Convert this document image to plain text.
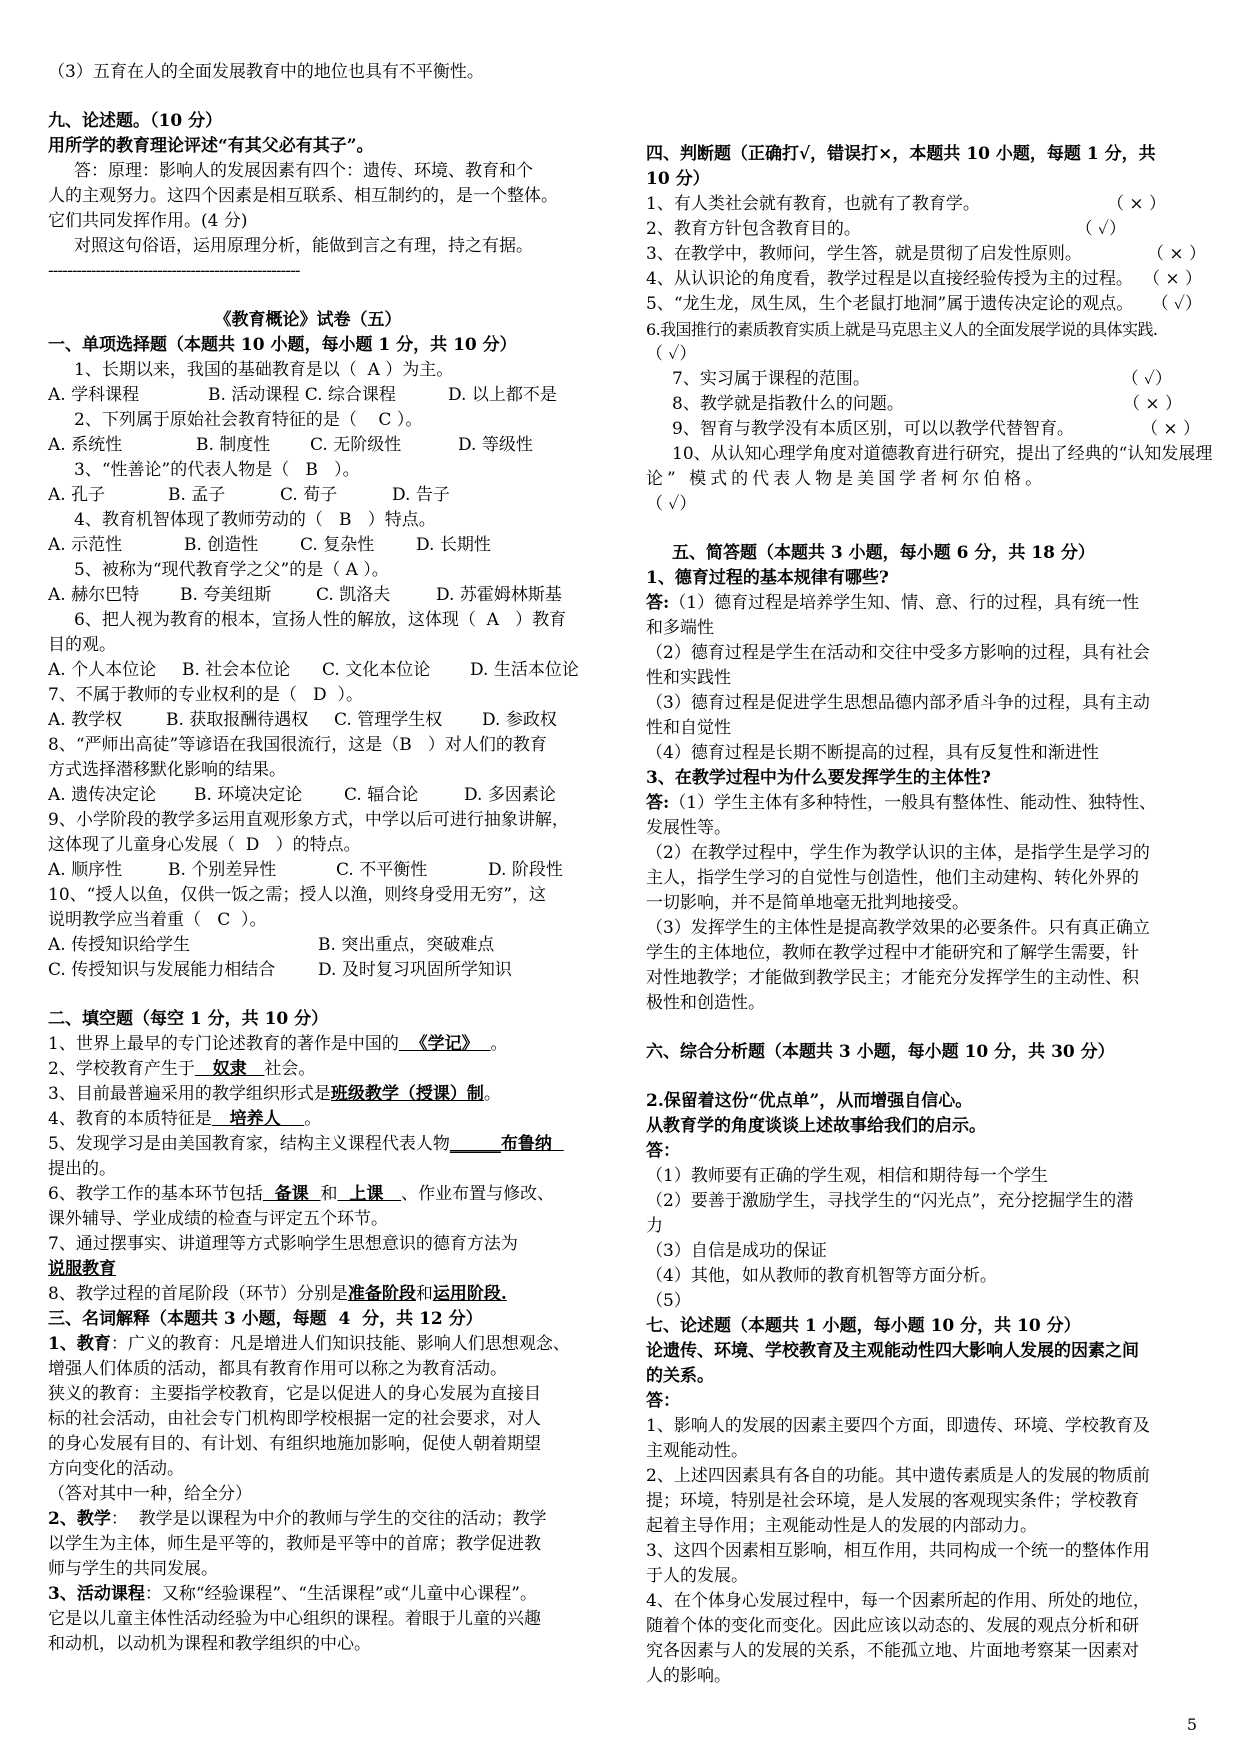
（3）五育在人的全面发展教育中的地位也具有不平衡性。

九、论述题。（10 分）

用所学的教育理论评述“有其父必有其子”。

答：原理：影响人的发展因素有四个：遗传、环境、教育和个

人的主观努力。这四个因素是相互联系、相互制约的，是一个整体。

它们共同发挥作用。(4 分)

对照这句俗语，运用原理分析，能做到言之有理，持之有据。

-----------------------------------------------------

《教育概论》试卷（五）

一、单项选择题（本题共 10 小题，每小题 1 分，共 10 分）

1、长期以来，我国的基础教育是以（  A ）为主。

A. 学科课程	B. 活动课程 C. 综合课程	D. 以上都不是

2、下列属于原始社会教育特征的是（    C ）。

A. 系统性	B. 制度性	C. 无阶级性	D. 等级性

3、“性善论”的代表人物是（   B   ）。

A. 孔子	B. 孟子	C. 荀子	D. 告子

4、教育机智体现了教师劳动的（   B   ）特点。

A. 示范性	B. 创造性	C. 复杂性	D. 长期性

5、被称为“现代教育学之父”的是（ A ）。

A. 赫尔巴特	B. 夸美纽斯	C. 凯洛夫	D. 苏霍姆林斯基

6、把人视为教育的根本，宣扬人性的解放，这体现（  A   ）教育

目的观。

A. 个人本位论	B. 社会本位论	C. 文化本位论	D. 生活本位论

7、不属于教师的专业权利的是（   D  ）。

A. 教学权	B. 获取报酬待遇权	C. 管理学生权	D. 参政权

8、“严师出高徒”等谚语在我国很流行，这是（B   ）对人们的教育

方式选择潜移默化影响的结果。

A. 遗传决定论	B. 环境决定论	C. 辐合论	D. 多因素论

9、小学阶段的教学多运用直观形象方式，中学以后可进行抽象讲解，

这体现了儿童身心发展（  D   ）的特点。

A. 顺序性	B. 个别差异性	C. 不平衡性	D. 阶段性

10、“授人以鱼，仅供一饭之需；授人以渔，则终身受用无穷”，这

说明教学应当着重（   C  ）。

A. 传授知识给学生	B. 突出重点，突破难点
C. 传授知识与发展能力相结合	D. 及时复习巩固所学知识

二、填空题（每空 1 分，共 10 分）

1、世界上最早的专门论述教育的著作是中国的  《学记》  。

2、学校教育产生于   奴隶   社会。

3、目前最普遍采用的教学组织形式是班级教学（授课）制。

4、教育的本质特征是   培养人    。

5、发现学习是由美国教育家，结构主义课程代表人物______布鲁纳

提出的。

6、教学工作的基本环节包括  备课  和  上课   、作业布置与修改、

课外辅导、学业成绩的检查与评定五个环节。

7、通过摆事实、讲道理等方式影响学生思想意识的德育方法为

说服教育

8、教学过程的首尾阶段（环节）分别是准备阶段和运用阶段.

三、名词解释（本题共 3 小题，每题  4  分，共 12 分）

1、教育：广义的教育：凡是增进人们知识技能、影响人们思想观念、

增强人们体质的活动，都具有教育作用可以称之为教育活动。

狭义的教育：主要指学校教育，它是以促进人的身心发展为直接目

标的社会活动，由社会专门机构即学校根据一定的社会要求，对人

的身心发展有目的、有计划、有组织地施加影响，促使人朝着期望

方向变化的活动。

（答对其中一种，给全分）

2、教学：  教学是以课程为中介的教师与学生的交往的活动；教学

以学生为主体，师生是平等的，教师是平等中的首席；教学促进教

师与学生的共同发展。

3、活动课程：又称“经验课程”、“生活课程”或“儿童中心课程”。

它是以儿童主体性活动经验为中心组织的课程。着眼于儿童的兴趣

和动机，以动机为课程和教学组织的中心。

四、判断题（正确打√，错误打×，本题共 10 小题，每题 1 分，共

10 分）

1、有人类社会就有教育，也就有了教育学。	（ × ）
2、教育方针包含教育目的。	（ ✓）
3、在教学中，教师问，学生答，就是贯彻了启发性原则。	（ × ）
4、从认识论的角度看，教学过程是以直接经验传授为主的过程。 （ × ）
5、“龙生龙，凤生凤，生个老鼠打地洞”属于遗传决定论的观点。 （ ✓）

6.我国推行的素质教育实质上就是马克思主义人的全面发展学说的具体实践.

（ ✓）

7、实习属于课程的范围。	（ ✓）
8、教学就是指教什么的问题。	（ × ）
9、智育与教学没有本质区别，可以以教学代替智育。	（ × ）

10、从认知心理学角度对道德教育进行研究，提出了经典的“认知发展理

论” 模式的代表人物是美国学者柯尔伯格。

（ ✓）

五、简答题（本题共 3 小题，每小题 6 分，共 18 分）

1、德育过程的基本规律有哪些?

答:（1）德育过程是培养学生知、情、意、行的过程，具有统一性

和多端性

（2）德育过程是学生在活动和交往中受多方影响的过程，具有社会

性和实践性

（3）德育过程是促进学生思想品德内部矛盾斗争的过程，具有主动

性和自觉性

（4）德育过程是长期不断提高的过程，具有反复性和渐进性

3、在教学过程中为什么要发挥学生的主体性?

答:（1）学生主体有多种特性，一般具有整体性、能动性、独特性、

发展性等。

（2）在教学过程中，学生作为教学认识的主体，是指学生是学习的

主人，指学生学习的自觉性与创造性，他们主动建构、转化外界的

一切影响，并不是简单地毫无批判地接受。

（3）发挥学生的主体性是提高教学效果的必要条件。只有真正确立

学生的主体地位，教师在教学过程中才能研究和了解学生需要，针

对性地教学；才能做到教学民主；才能充分发挥学生的主动性、积

极性和创造性。

六、综合分析题（本题共 3 小题，每小题 10 分，共 30 分）

2.保留着这份“优点单”，从而增强自信心。

从教育学的角度谈谈上述故事给我们的启示。

答：

（1）教师要有正确的学生观，相信和期待每一个学生

（2）要善于激励学生，寻找学生的“闪光点”，充分挖掘学生的潜

力

（3）自信是成功的保证

（4）其他，如从教师的教育机智等方面分析。

（5）

七、论述题（本题共 1 小题，每小题 10 分，共 10 分）

论遗传、环境、学校教育及主观能动性四大影响人发展的因素之间

的关系。

答：

1、影响人的发展的因素主要四个方面，即遗传、环境、学校教育及

主观能动性。

2、上述四因素具有各自的功能。其中遗传素质是人的发展的物质前

提；环境，特别是社会环境，是人发展的客观现实条件；学校教育

起着主导作用；主观能动性是人的发展的内部动力。

3、这四个因素相互影响，相互作用，共同构成一个统一的整体作用

于人的发展。

4、在个体身心发展过程中，每一个因素所起的作用、所处的地位，

随着个体的变化而变化。因此应该以动态的、发展的观点分析和研

究各因素与人的发展的关系，不能孤立地、片面地考察某一因素对

人的影响。

5
